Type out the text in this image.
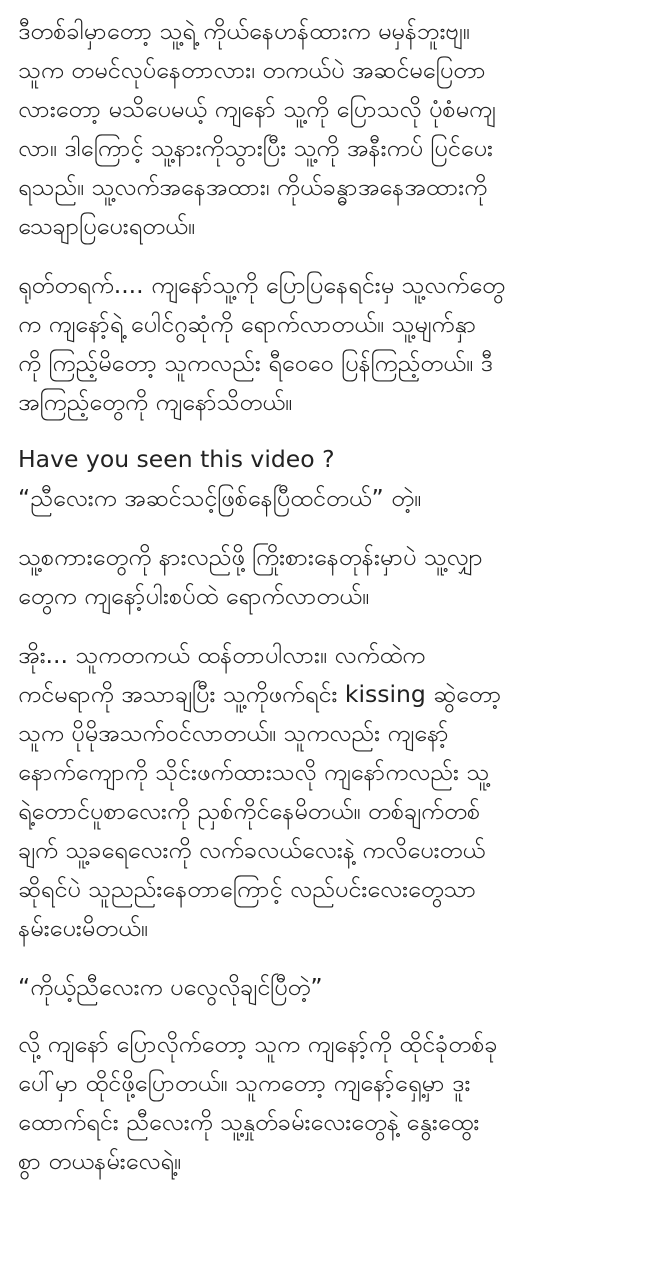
ဒီတစ်ခါမှာတော့ သူ့ရဲ့ ကိုယ်နေဟန်ထားက မမှန်ဘူးဗျ။
သူက တမင်လုပ်နေတာလား၊ တကယ်ပဲ အဆင်မပြေတာ
လားတော့ မသိပေမယ့် ကျနော် သူ့ကို ပြောသလို ပုံစံမကျ
လာ။ ဒါကြောင့် သူ့နားကိုသွားပြီး သူ့ကို အနီးကပ် ပြင်ပေး
ရသည်။ သူ့လက်အနေအထား၊ ကိုယ်ခန္ဓာအနေအထားကို
သေချာပြပေးရတယ်။

ရုတ်တရက်.... ကျနော်သူ့ကို ပြောပြနေရင်းမှ သူ့လက်တွေ
က ကျနော့်ရဲ့ ပေါင်ဂွဆုံကို ရောက်လာတယ်။ သူ့မျက်နှာ
ကို ကြည့်မိတော့ သူကလည်း ရီဝေဝေ ပြန်ကြည့်တယ်။ ဒီ
အကြည့်တွေကို ကျနော်သိတယ်။

Have you seen this video ?
“ညီလေးက အဆင်သင့်ဖြစ်နေပြီထင်တယ်” တဲ့။

သူ့စကားတွေကို နားလည်ဖို့ ကြိုးစားနေတုန်းမှာပဲ သူ့လျှာ
တွေက ကျနော့်ပါးစပ်ထဲ ရောက်လာတယ်။

အိုး... သူကတကယ် ထန်တာပါလား။ လက်ထဲက
ကင်မရာကို အသာချပြီး သူ့ကိုဖက်ရင်း kissing ဆွဲတော့
သူက ပိုမိုအသက်ဝင်လာတယ်။ သူကလည်း ကျနော့်
နောက်ကျောကို သိုင်းဖက်ထားသလို ကျနော်ကလည်း သူ့
ရဲ့တောင်ပူစာလေးကို ညှစ်ကိုင်နေမိတယ်။ တစ်ချက်တစ်
ချက် သူ့ခရေလေးကို လက်ခလယ်လေးနဲ့ ကလိပေးတယ်
ဆိုရင်ပဲ သူညည်းနေတာကြောင့် လည်ပင်းလေးတွေသာ
နမ်းပေးမိတယ်။

“ကိုယ့်ညီလေးက ပလွေလိုချင်ပြီတဲ့”

လို့ ကျနော် ပြောလိုက်တော့ သူက ကျနော့်ကို ထိုင်ခုံတစ်ခု
ပေါ်မှာ ထိုင်ဖို့ပြောတယ်။ သူကတော့ ကျနော့်ရှေ့မှာ ဒူး
ထောက်ရင်း ညီလေးကို သူ့နှုတ်ခမ်းလေးတွေနဲ့ နွေးထွေး
စွာ တယနမ်းလေရဲ့။
